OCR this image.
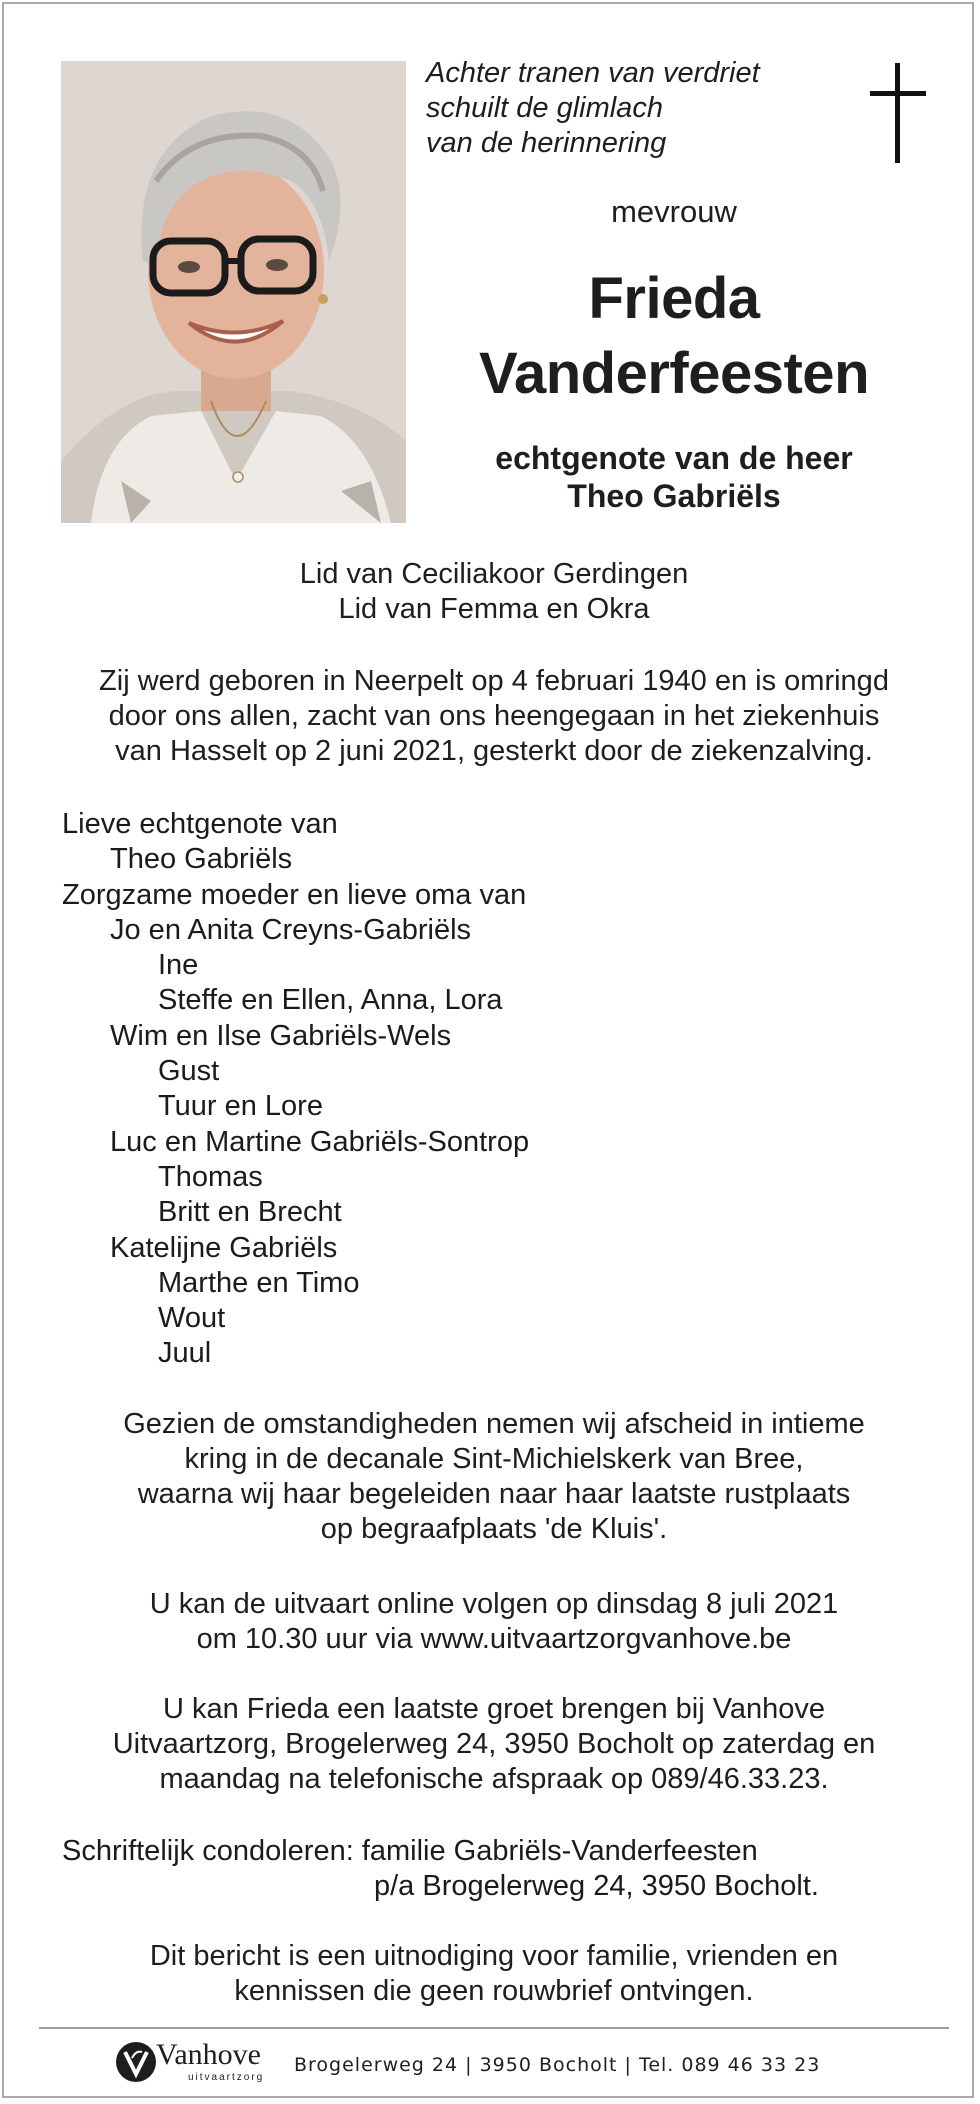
Achter tranen van verdriet
schuilt de glimlach
van de herinnering
mevrouw
Frieda
Vanderfeesten
echtgenote van de heer
Theo Gabriëls
Lid van Ceciliakoor Gerdingen
Lid van Femma en Okra
Zij werd geboren in Neerpelt op 4 februari 1940 en is omringd
door ons allen, zacht van ons heengegaan in het ziekenhuis
van Hasselt op 2 juni 2021, gesterkt door de ziekenzalving.
Lieve echtgenote van
Theo Gabriëls
Zorgzame moeder en lieve oma van
Jo en Anita Creyns-Gabriëls
Ine
Steffe en Ellen, Anna, Lora
Wim en Ilse Gabriëls-Wels
Gust
Tuur en Lore
Luc en Martine Gabriëls-Sontrop
Thomas
Britt en Brecht
Katelijne Gabriëls
Marthe en Timo
Wout
Juul
Gezien de omstandigheden nemen wij afscheid in intieme
kring in de decanale Sint-Michielskerk van Bree,
waarna wij haar begeleiden naar haar laatste rustplaats
op begraafplaats 'de Kluis'.
U kan de uitvaart online volgen op dinsdag 8 juli 2021
om 10.30 uur via www.uitvaartzorgvanhove.be
U kan Frieda een laatste groet brengen bij Vanhove
Uitvaartzorg, Brogelerweg 24, 3950 Bocholt op zaterdag en
maandag na telefonische afspraak op 089/46.33.23.
Schriftelijk condoleren: familie Gabriëls-Vanderfeesten
p/a Brogelerweg 24, 3950 Bocholt.
Dit bericht is een uitnodiging voor familie, vrienden en
kennissen die geen rouwbrief ontvingen.
Vanhove
uitvaartzorg
Brogelerweg 24 | 3950 Bocholt | Tel. 089 46 33 23
